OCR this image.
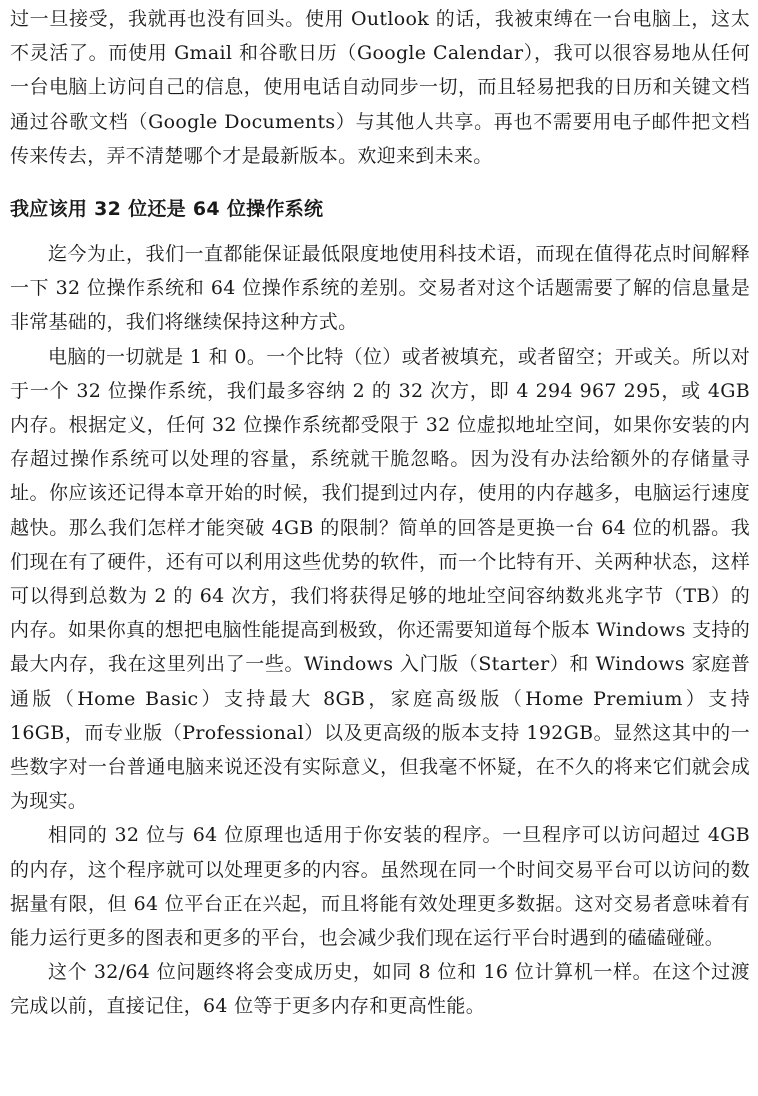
过一旦接受，我就再也没有回头。使用 Outlook 的话，我被束缚在一台电脑上，这太不灵活了。而使用 Gmail 和谷歌日历（Google Calendar），我可以很容易地从任何一台电脑上访问自己的信息，使用电话自动同步一切，而且轻易把我的日历和关键文档通过谷歌文档（Google Documents）与其他人共享。再也不需要用电子邮件把文档传来传去，弄不清楚哪个才是最新版本。欢迎来到未来。

我应该用 32 位还是 64 位操作系统

迄今为止，我们一直都能保证最低限度地使用科技术语，而现在值得花点时间解释一下 32 位操作系统和 64 位操作系统的差别。交易者对这个话题需要了解的信息量是非常基础的，我们将继续保持这种方式。

电脑的一切就是 1 和 0。一个比特（位）或者被填充，或者留空；开或关。所以对于一个 32 位操作系统，我们最多容纳 2 的 32 次方，即 4 294 967 295，或 4GB 内存。根据定义，任何 32 位操作系统都受限于 32 位虚拟地址空间，如果你安装的内存超过操作系统可以处理的容量，系统就干脆忽略。因为没有办法给额外的存储量寻址。你应该还记得本章开始的时候，我们提到过内存，使用的内存越多，电脑运行速度越快。那么我们怎样才能突破 4GB 的限制？简单的回答是更换一台 64 位的机器。我们现在有了硬件，还有可以利用这些优势的软件，而一个比特有开、关两种状态，这样可以得到总数为 2 的 64 次方，我们将获得足够的地址空间容纳数兆兆字节（TB）的内存。如果你真的想把电脑性能提高到极致，你还需要知道每个版本 Windows 支持的最大内存，我在这里列出了一些。Windows 入门版（Starter）和 Windows 家庭普通版（Home Basic）支持最大 8GB，家庭高级版（Home Premium）支持 16GB，而专业版（Professional）以及更高级的版本支持 192GB。显然这其中的一些数字对一台普通电脑来说还没有实际意义，但我毫不怀疑，在不久的将来它们就会成为现实。

相同的 32 位与 64 位原理也适用于你安装的程序。一旦程序可以访问超过 4GB 的内存，这个程序就可以处理更多的内容。虽然现在同一个时间交易平台可以访问的数据量有限，但 64 位平台正在兴起，而且将能有效处理更多数据。这对交易者意味着有能力运行更多的图表和更多的平台，也会减少我们现在运行平台时遇到的磕磕碰碰。

这个 32/64 位问题终将会变成历史，如同 8 位和 16 位计算机一样。在这个过渡完成以前，直接记住，64 位等于更多内存和更高性能。
